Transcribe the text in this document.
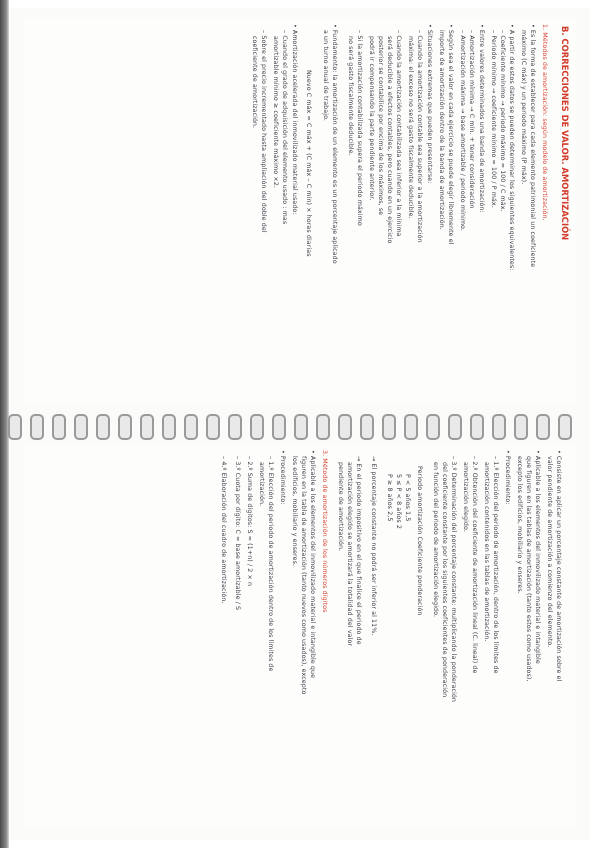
B. CORRECCIONES DE VALOR. AMORTIZACIÓN
1. Métodos de amortización: según modelo de amortización.
• Es la forma de establecer para cada elemento patrimonial un coeficiente
máximo (C máx) y un periodo máximo (P máx).
• A partir de estos datos se pueden determinar los siguientes equivalentes:
– Coeficiente mínimo → periodo máximo = 100 / C máx.
– Periodo mínimo → coeficiente mínimo = 100 / P máx.
• Entre valores determinados una banda de amortización:
– Amortización mínima → C mín. + tener consideración
– Amortización máxima → base amortizable / periodo mínimo.
• Según sea el valor en cada ejercicio se puede elegir libremente el
importe de amortización dentro de la banda de amortización.
• Situaciones extremas que pueden presentarse:
– Cuando la amortización contable sea superior a la amortización
máxima: el exceso no será gasto fiscalmente deducible.
– Cuando la amortización contabilizada sea inferior a la mínima
será deducible a efectos contables, pero cuando en un ejercicio
posterior se contabilice por encima de los máximos, se
podrá ir compensando la parte pendiente anterior.
– Si la amortización contabilizada supera el periodo máximo
no será gasto fiscalmente deducible.
• Fundamento: la amortización de un elemento es un porcentaje aplicado
a un turno anual de trabajo.
Nuevo C máx = C máx + (C máx – C mín) × horas diarias
• Amortización acelerada del inmovilizado material usado:
– Cuando el grado de adquisición del elemento usado : mas
amortizable mínimo ≥ coeficiente máximo ×2.
– Sobre el precio incrementado hasta ampliación del doble del
coeficiente de amortización.
• Consiste en aplicar un porcentaje constante de amortización sobre el
valor pendiente de amortización a comienzo del elemento.
• Aplicable a los elementos del inmovilizado material e intangible
que figuren en las tablas de amortización (tanto estos como usados),
excepto los edificios, mobiliario y enseres.
• Procedimiento:
– 1.º Elección del periodo de amortización, dentro de los límites de
amortización contenidos en las tablas de amortización.
– 2.º Obtención del coeficiente de amortización lineal (C. lineal) de
amortización elegido.
– 3.º Determinación del porcentaje constante: multiplicando la ponderación
del coeficiente constante por los siguientes coeficientes de ponderación
en función del periodo de amortización elegido.
Periodo amortización Coeficiente ponderación
P < 5 años 1,5
5 ≤ P < 8 años 2
P ≥ 8 años 2,5
→ El porcentaje constante no podrá ser inferior al 11%.
→ En el periodo impositivo en el que finalice el periodo de
amortización elegido se amortizará la totalidad del valor
pendiente de amortización.
3. Método de amortización de los números dígitos
• Aplicable a los elementos del inmovilizado material e intangible que
figuren en la tabla de amortización (tanto nuevos como usados), excepto
los edificios, mobiliario y enseres.
• Procedimiento:
– 1.º Elección del periodo de amortización dentro de los límites de
amortización.
– 2.º Suma de dígitos: S = (1+n) / 2 × n
– 3.º Cuota por dígito: C = base amortizable / S
– 4.º Elaboración del cuadro de amortización.
